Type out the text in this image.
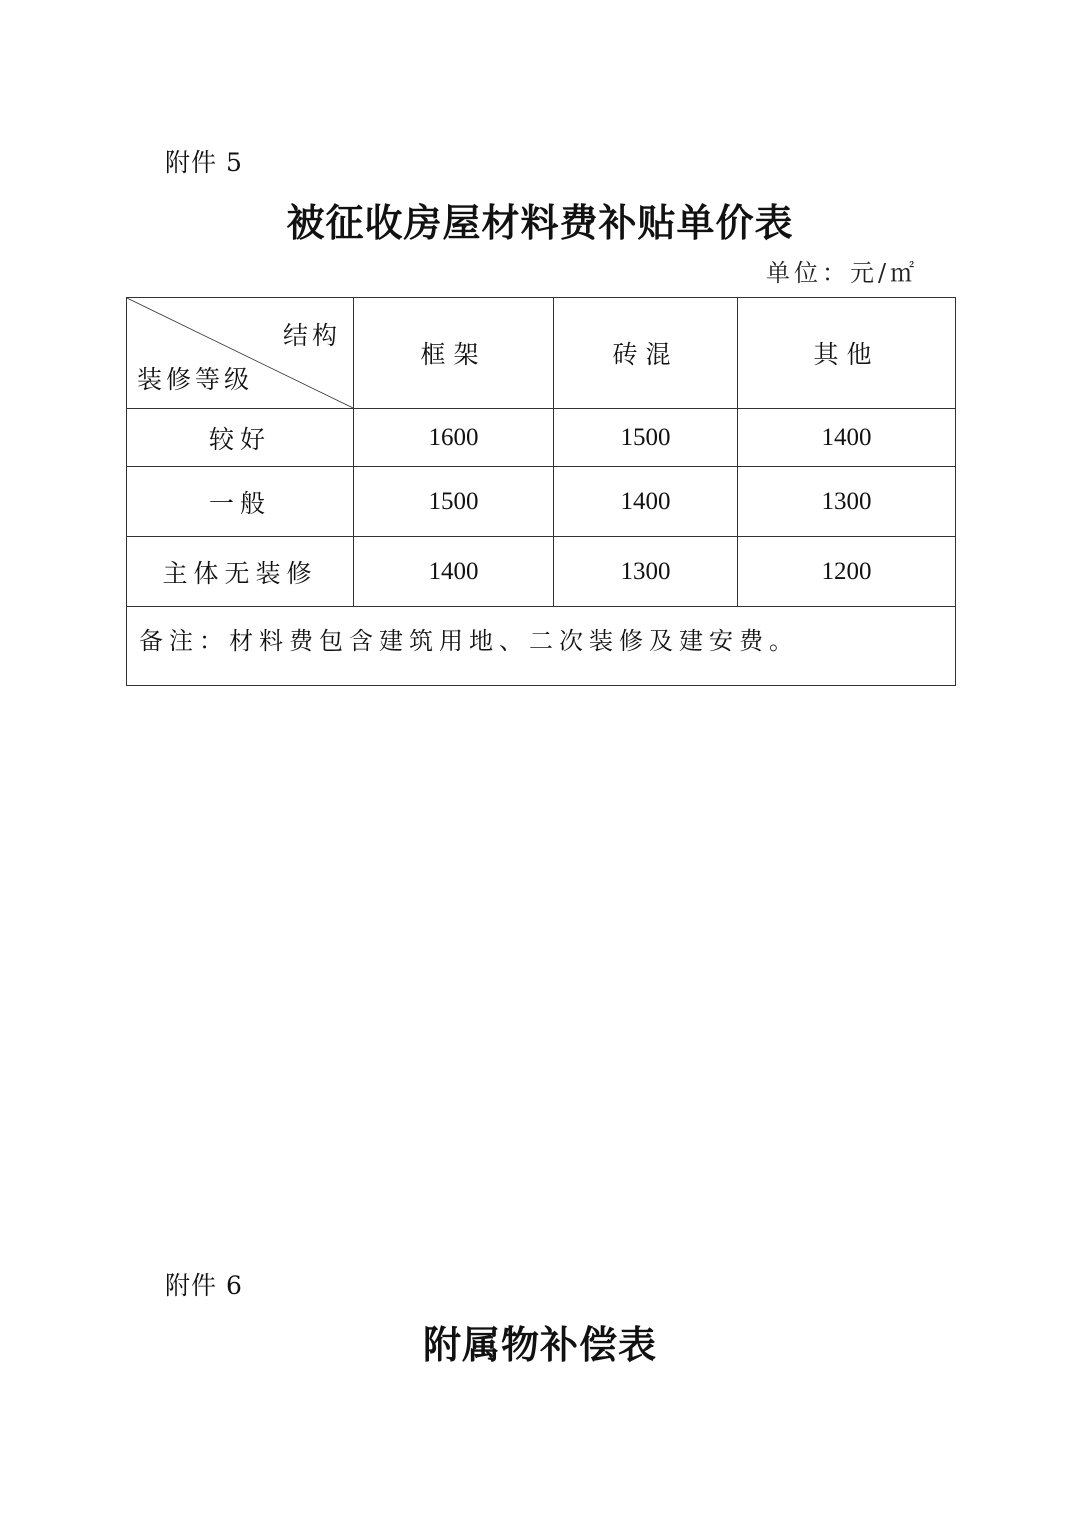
附件 5
被征收房屋材料费补贴单价表
单位：元/㎡
结构
装修等级	框架	砖混	其他
较好	1600	1500	1400
一般	1500	1400	1300
主体无装修	1400	1300	1200
备注：材料费包含建筑用地、二次装修及建安费。			
附件 6
附属物补偿表
